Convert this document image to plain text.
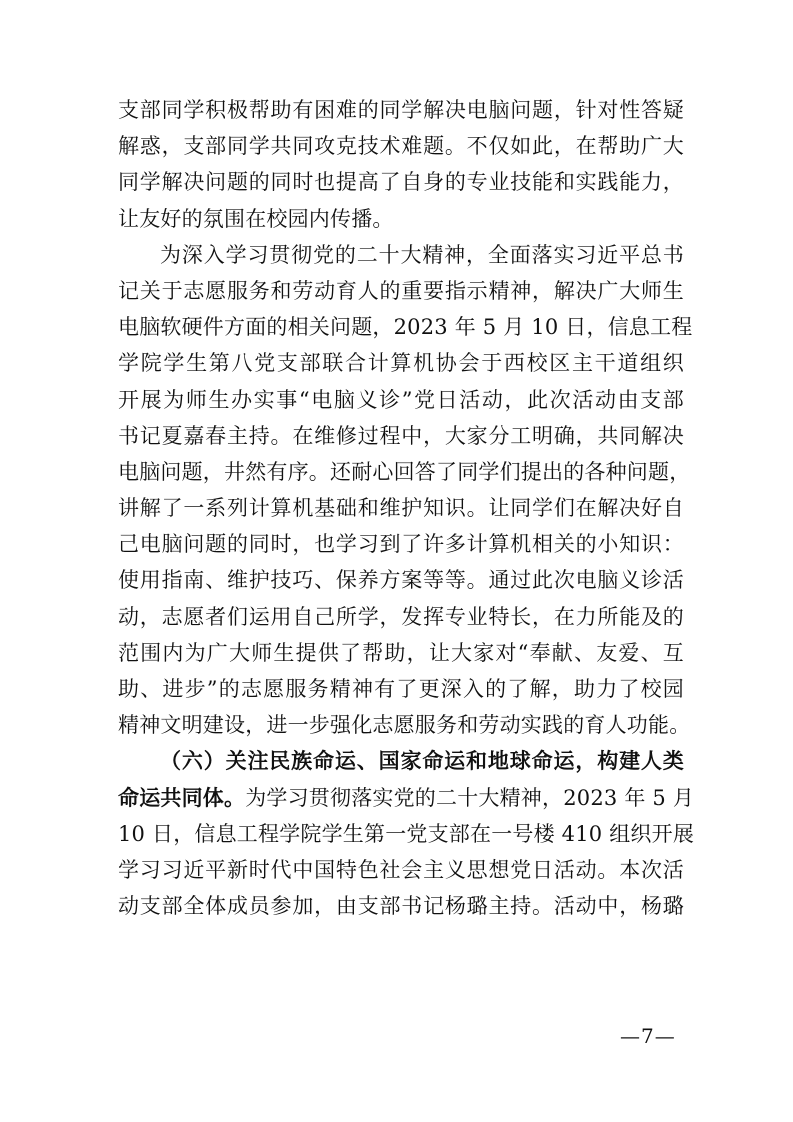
支部同学积极帮助有困难的同学解决电脑问题，针对性答疑
解惑，支部同学共同攻克技术难题。不仅如此，在帮助广大
同学解决问题的同时也提高了自身的专业技能和实践能力，
让友好的氛围在校园内传播。
为深入学习贯彻党的二十大精神，全面落实习近平总书
记关于志愿服务和劳动育人的重要指示精神，解决广大师生
电脑软硬件方面的相关问题，2023 年 5 月 10 日，信息工程
学院学生第八党支部联合计算机协会于西校区主干道组织
开展为师生办实事“电脑义诊”党日活动，此次活动由支部
书记夏嘉春主持。在维修过程中，大家分工明确，共同解决
电脑问题，井然有序。还耐心回答了同学们提出的各种问题，
讲解了一系列计算机基础和维护知识。让同学们在解决好自
己电脑问题的同时，也学习到了许多计算机相关的小知识：
使用指南、维护技巧、保养方案等等。通过此次电脑义诊活
动，志愿者们运用自己所学，发挥专业特长，在力所能及的
范围内为广大师生提供了帮助，让大家对“奉献、友爱、互
助、进步”的志愿服务精神有了更深入的了解，助力了校园
精神文明建设，进一步强化志愿服务和劳动实践的育人功能。
（六）关注民族命运、国家命运和地球命运，构建人类
命运共同体。为学习贯彻落实党的二十大精神，2023 年 5 月
10 日，信息工程学院学生第一党支部在一号楼 410 组织开展
学习习近平新时代中国特色社会主义思想党日活动。本次活
动支部全体成员参加，由支部书记杨璐主持。活动中，杨璐
—7—
